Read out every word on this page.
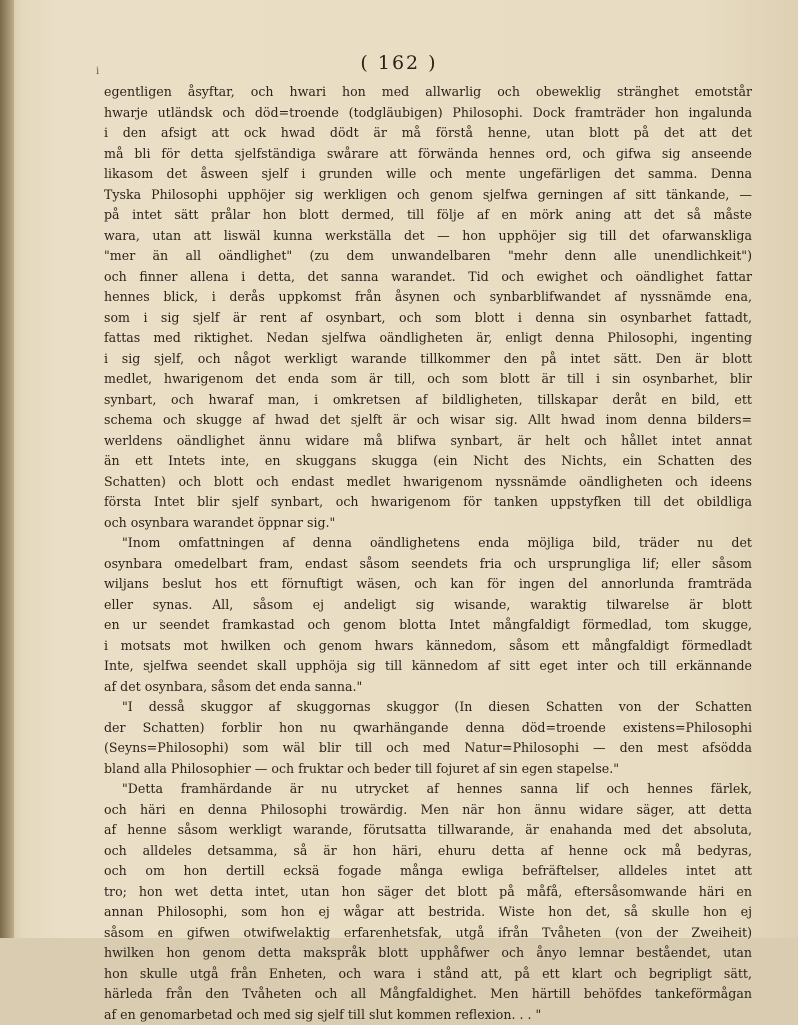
( 162 )
i
egentligen åsyftar, och hwari hon med allwarlig och obeweklig stränghet emotstår
hwarje utländsk och död=troende (todgläubigen) Philosophi. Dock framträder hon ingalunda
i den afsigt att ock hwad dödt är må förstå henne, utan blott på det att det
må bli för detta sjelfständiga swårare att förwända hennes ord, och gifwa sig anseende
likasom det åsween sjelf i grunden wille och mente ungefärligen det samma. Denna
Tyska Philosophi upphöjer sig werkligen och genom sjelfwa gerningen af sitt tänkande, —
på intet sätt prålar hon blott dermed, till följe af en mörk aning att det så måste
wara, utan att liswäl kunna werkställa det — hon upphöjer sig till det ofarwanskliga
"mer än all oändlighet" (zu dem unwandelbaren "mehr denn alle unendlichkeit")
och finner allena i detta, det sanna warandet. Tid och ewighet och oändlighet fattar
hennes blick, i derås uppkomst från åsynen och synbarblifwandet af nyssnämde ena,
som i sig sjelf är rent af osynbart, och som blott i denna sin osynbarhet fattadt,
fattas med riktighet. Nedan sjelfwa oändligheten är, enligt denna Philosophi, ingenting
i sig sjelf, och något werkligt warande tillkommer den på intet sätt. Den är blott
medlet, hwarigenom det enda som är till, och som blott är till i sin osynbarhet, blir
synbart, och hwaraf man, i omkretsen af bildligheten, tillskapar deråt en bild, ett
schema och skugge af hwad det sjelft är och wisar sig. Allt hwad inom denna bilders=
werldens oändlighet ännu widare må blifwa synbart, är helt och hållet intet annat
än ett Intets inte, en skuggans skugga (ein Nicht des Nichts, ein Schatten des
Schatten) och blott och endast medlet hwarigenom nyssnämde oändligheten och ideens
första Intet blir sjelf synbart, och hwarigenom för tanken uppstyfken till det obildliga
och osynbara warandet öppnar sig."
"Inom omfattningen af denna oändlighetens enda möjliga bild, träder nu det
osynbara omedelbart fram, endast såsom seendets fria och ursprungliga lif; eller såsom
wiljans beslut hos ett förnuftigt wäsen, och kan för ingen del annorlunda framträda
eller synas. All, såsom ej andeligt sig wisande, waraktig tilwarelse är blott
en ur seendet framkastad och genom blotta Intet mångfaldigt förmedlad, tom skugge,
i motsats mot hwilken och genom hwars kännedom, såsom ett mångfaldigt förmedladt
Inte, sjelfwa seendet skall upphöja sig till kännedom af sitt eget inter och till erkännande
af det osynbara, såsom det enda sanna."
"I desså skuggor af skuggornas skuggor (In diesen Schatten von der Schatten
der Schatten) forblir hon nu qwarhängande denna död=troende existens=Philosophi
(Seyns=Philosophi) som wäl blir till och med Natur=Philosophi — den mest afsödda
bland alla Philosophier — och fruktar och beder till fojuret af sin egen stapelse."
"Detta framhärdande är nu utrycket af hennes sanna lif och hennes färlek,
och häri en denna Philosophi trowärdig. Men när hon ännu widare säger, att detta
af henne såsom werkligt warande, förutsatta tillwarande, är enahanda med det absoluta,
och alldeles detsamma, så är hon häri, ehuru detta af henne ock må bedyras,
och om hon dertill ecksä fogade många ewliga befräftelser, alldeles intet att
tro; hon wet detta intet, utan hon säger det blott på måfå, eftersåsomwande häri en
annan Philosophi, som hon ej wågar att bestrida. Wiste hon det, så skulle hon ej
såsom en gifwen otwifwelaktig erfarenhetsfak, utgå ifrån Tvåheten (von der Zweiheit)
hwilken hon genom detta makspråk blott upphåfwer och ånyo lemnar beståendet, utan
hon skulle utgå från Enheten, och wara i stånd att, på ett klart och begripligt sätt,
härleda från den Tvåheten och all Mångfaldighet. Men härtill behöfdes tankeförmågan
af en genomarbetad och med sig sjelf till slut kommen reflexion. . . "
